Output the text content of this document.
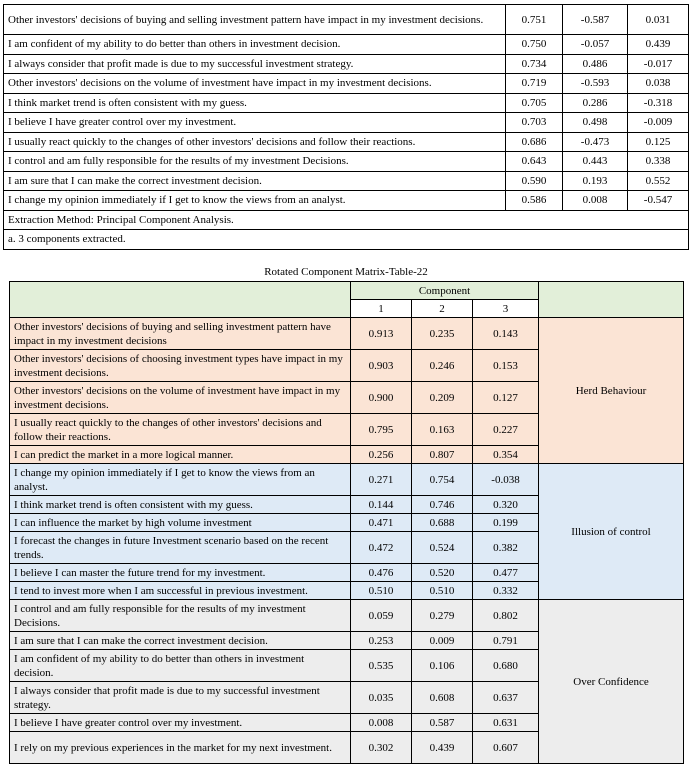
Other investors' decisions of buying and selling investment pattern have impact in my investment decisions.	0.751	-0.587	0.031
I am confident of my ability to do better than others in investment decision.	0.750	-0.057	0.439
I always consider that profit made is due to my successful investment strategy.	0.734	0.486	-0.017
Other investors' decisions on the volume of investment have impact in my investment decisions.	0.719	-0.593	0.038
I think market trend is often consistent with my guess.	0.705	0.286	-0.318
I believe I have greater control over my investment.	0.703	0.498	-0.009
I usually react quickly to the changes of other investors' decisions and follow their reactions.	0.686	-0.473	0.125
I control and am fully responsible for the results of my investment Decisions.	0.643	0.443	0.338
I am sure that I can make the correct investment decision.	0.590	0.193	0.552
I change my opinion immediately if I get to know the views from an analyst.	0.586	0.008	-0.547
Extraction Method: Principal Component Analysis.			
a. 3 components extracted.			
Rotated Component Matrix-Table-22
	Component			
	1	2	3	
Other investors' decisions of buying and selling investment pattern have impact in my investment decisions	0.913	0.235	0.143	Herd Behaviour
Other investors' decisions of choosing investment types have impact in my investment decisions.	0.903	0.246	0.153	
Other investors' decisions on the volume of investment have impact in my investment decisions.	0.900	0.209	0.127	
I usually react quickly to the changes of other investors' decisions and follow their reactions.	0.795	0.163	0.227	
I can predict the market in a more logical manner.	0.256	0.807	0.354	
I change my opinion immediately if I get to know the views from an analyst.	0.271	0.754	-0.038	Illusion of control
I think market trend is often consistent with my guess.	0.144	0.746	0.320	
I can influence the market by high volume investment	0.471	0.688	0.199	
I forecast the changes in future Investment scenario based on the recent trends.	0.472	0.524	0.382	
I believe I can master the future trend for my investment.	0.476	0.520	0.477	
I tend to invest more when I am successful in previous investment.	0.510	0.510	0.332	
I control and am fully responsible for the results of my investment Decisions.	0.059	0.279	0.802	Over Confidence
I am sure that I can make the correct investment decision.	0.253	0.009	0.791	
I am confident of my ability to do better than others in investment decision.	0.535	0.106	0.680	
I always consider that profit made is due to my successful investment strategy.	0.035	0.608	0.637	
I believe I have greater control over my investment.	0.008	0.587	0.631	
I rely on my previous experiences in the market for my next investment.	0.302	0.439	0.607	
